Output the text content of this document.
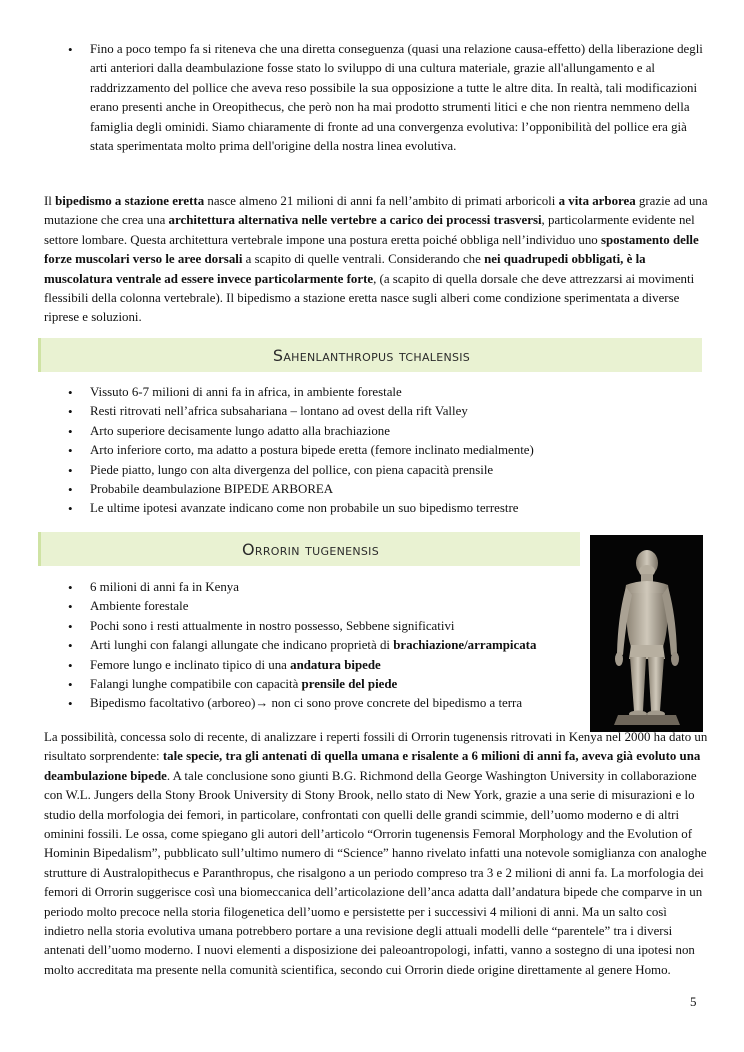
• Fino a poco tempo fa si riteneva che una diretta conseguenza (quasi una relazione causa-effetto) della liberazione degli arti anteriori dalla deambulazione fosse stato lo sviluppo di una cultura materiale, grazie all'allungamento e al raddrizzamento del pollice che aveva reso possibile la sua opposizione a tutte le altre dita. In realtà, tali modificazioni erano presenti anche in Oreopithecus, che però non ha mai prodotto strumenti litici e che non rientra nemmeno della famiglia degli ominidi. Siamo chiaramente di fronte ad una convergenza evolutiva: l’opponibilità del pollice era già stata sperimentata molto prima dell'origine della nostra linea evolutiva.

Il bipedismo a stazione eretta nasce almeno 21 milioni di anni fa nell’ambito di primati arboricoli a vita arborea grazie ad una mutazione che crea una architettura alternativa nelle vertebre a carico dei processi trasversi, particolarmente evidente nel settore lombare. Questa architettura vertebrale impone una postura eretta poiché obbliga nell’individuo uno spostamento delle forze muscolari verso le aree dorsali a scapito di quelle ventrali. Considerando che nei quadrupedi obbligati, è la muscolatura ventrale ad essere invece particolarmente forte, (a scapito di quella dorsale che deve attrezzarsi ai movimenti flessibili della colonna vertebrale). Il bipedismo a stazione eretta nasce sugli alberi come condizione sperimentata a diverse riprese e soluzioni.

Sahenlanthropus tchalensis
• Vissuto 6-7 milioni di anni fa in africa, in ambiente forestale
• Resti ritrovati nell’africa subsahariana – lontano ad ovest della rift Valley
• Arto superiore decisamente lungo adatto alla brachiazione
• Arto inferiore corto, ma adatto a postura bipede eretta (femore inclinato medialmente)
• Piede piatto, lungo con alta divergenza del pollice, con piena capacità prensile
• Probabile deambulazione BIPEDE ARBOREA
• Le ultime ipotesi avanzate indicano come non probabile un suo bipedismo terrestre
Orrorin tugenensis
• 6 milioni di anni fa in Kenya
• Ambiente forestale
• Pochi sono i resti attualmente in nostro possesso, Sebbene significativi
• Arti lunghi con falangi allungate che indicano proprietà di brachiazione/arrampicata
• Femore lungo e inclinato tipico di una andatura bipede
• Falangi lunghe compatibile con capacità prensile del piede
• Bipedismo facoltativo (arboreo)→ non ci sono prove concrete del bipedismo a terra

La possibilità, concessa solo di recente, di analizzare i reperti fossili di Orrorin tugenensis ritrovati in Kenya nel 2000 ha dato un risultato sorprendente: tale specie, tra gli antenati di quella umana e risalente a 6 milioni di anni fa, aveva già evoluto una deambulazione bipede. A tale conclusione sono giunti B.G. Richmond della George Washington University in collaborazione con W.L. Jungers della Stony Brook University di Stony Brook, nello stato di New York, grazie a una serie di misurazioni e lo studio della morfologia dei femori, in particolare, confrontati con quelli delle grandi scimmie, dell’uomo moderno e di altri ominini fossili. Le ossa, come spiegano gli autori dell’articolo “Orrorin tugenensis Femoral Morphology and the Evolution of Hominin Bipedalism”, pubblicato sull’ultimo numero di “Science” hanno rivelato infatti una notevole somiglianza con analoghe strutture di Australopithecus e Paranthropus, che risalgono a un periodo compreso tra 3 e 2 milioni di anni fa. La morfologia dei femori di Orrorin suggerisce così una biomeccanica dell’articolazione dell’anca adatta dall’andatura bipede che comparve in un periodo molto precoce nella storia filogenetica dell’uomo e persistette per i successivi 4 milioni di anni. Ma un salto così indietro nella storia evolutiva umana potrebbero portare a una revisione degli attuali modelli delle “parentele” tra i diversi antenati dell’uomo moderno. I nuovi elementi a disposizione dei paleoantropologi, infatti, vanno a sostegno di una ipotesi non molto accreditata ma presente nella comunità scientifica, secondo cui Orrorin diede origine direttamente al genere Homo.

5
